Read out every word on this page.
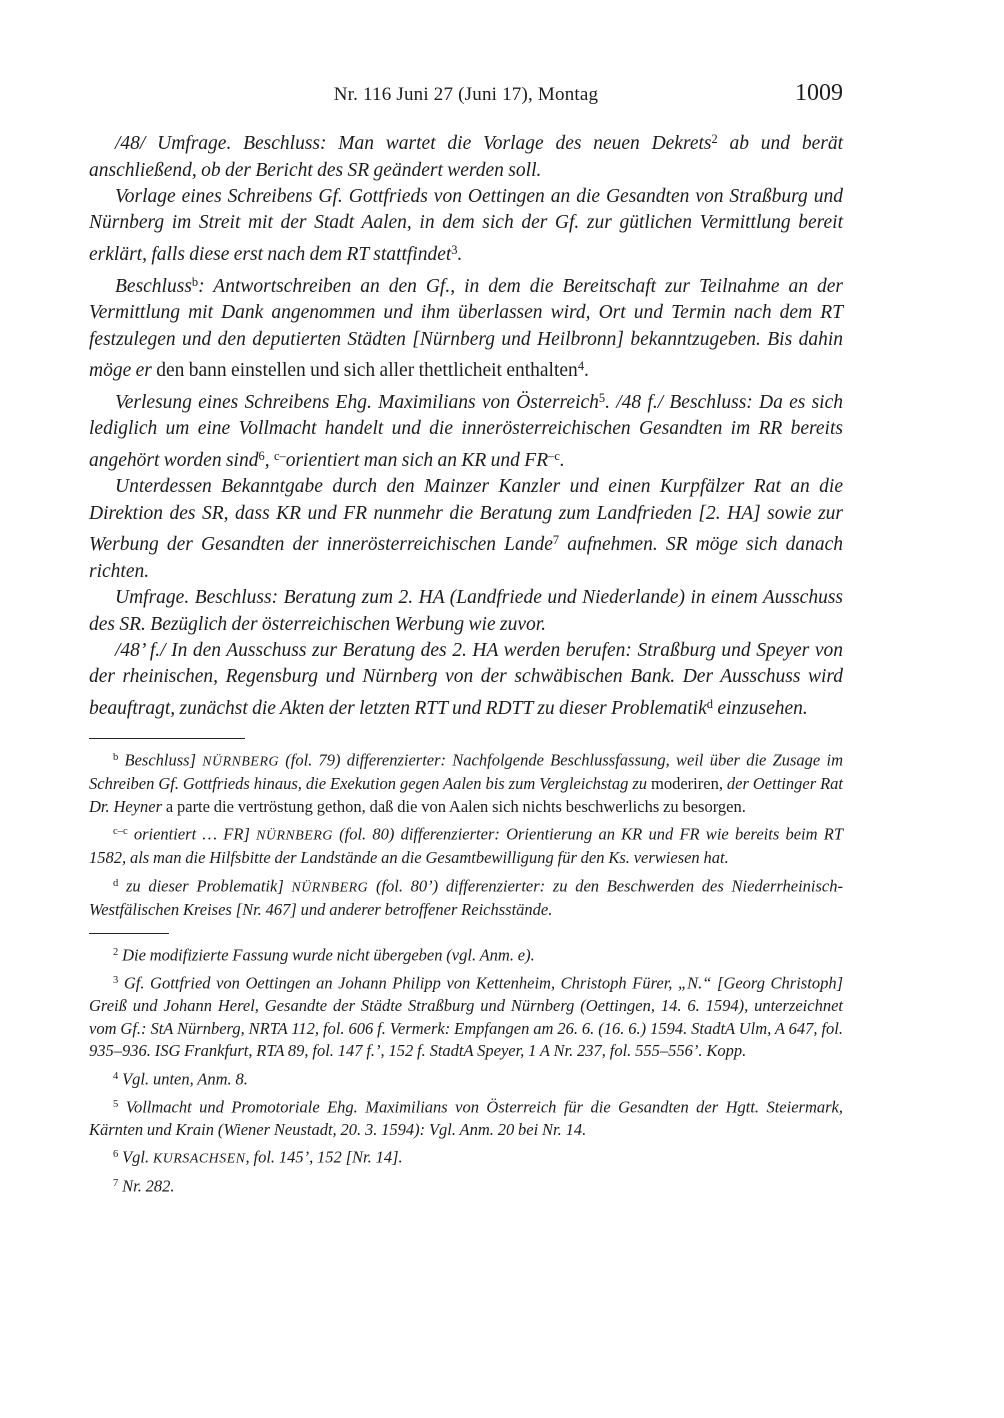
Nr. 116 Juni 27 (Juni 17), Montag	1009

/48/ Umfrage. Beschluss: Man wartet die Vorlage des neuen Dekrets$^2$ ab und berät anschließend, ob der Bericht des SR geändert werden soll.

Vorlage eines Schreibens Gf. Gottfrieds von Oettingen an die Gesandten von Straßburg und Nürnberg im Streit mit der Stadt Aalen, in dem sich der Gf. zur gütlichen Vermittlung bereit erklärt, falls diese erst nach dem RT stattfindet$^3$.

Beschluss$^b$: Antwortschreiben an den Gf., in dem die Bereitschaft zur Teilnahme an der Vermittlung mit Dank angenommen und ihm überlassen wird, Ort und Termin nach dem RT festzulegen und den deputierten Städten [Nürnberg und Heilbronn] bekanntzugeben. Bis dahin möge er den bann einstellen und sich aller thettlicheit enthalten$^4$.

Verlesung eines Schreibens Ehg. Maximilians von Österreich$^5$. /48 f./ Beschluss: Da es sich lediglich um eine Vollmacht handelt und die innerösterreichischen Gesandten im RR bereits angehört worden sind$^6$, $^{c-}$orientiert man sich an KR und $FR^{-c}$.

Unterdessen Bekanntgabe durch den Mainzer Kanzler und einen Kurpfälzer Rat an die Direktion des SR, dass KR und FR nunmehr die Beratung zum Landfrieden [2. HA] sowie zur Werbung der Gesandten der innerösterreichischen Lande$^7$ aufnehmen. SR möge sich danach richten.

Umfrage. Beschluss: Beratung zum 2. HA (Landfriede und Niederlande) in einem Ausschuss des SR. Bezüglich der österreichischen Werbung wie zuvor.

/48’ f./ In den Ausschuss zur Beratung des 2. HA werden berufen: Straßburg und Speyer von der rheinischen, Regensburg und Nürnberg von der schwäbischen Bank. Der Ausschuss wird beauftragt, zunächst die Akten der letzten RTT und RDTT zu dieser Problematik$^d$ einzusehen.

$^b$ Beschluss] NÜRNBERG (fol. 79) differenzierter: Nachfolgende Beschlussfassung, weil über die Zusage im Schreiben Gf. Gottfrieds hinaus, die Exekution gegen Aalen bis zum Vergleichstag zu moderiren, der Oettinger Rat Dr. Heyner a parte die vertröstung gethon, daß die von Aalen sich nichts beschwerlichs zu besorgen.

$^{c-c}$ orientiert … FR] NÜRNBERG (fol. 80) differenzierter: Orientierung an KR und FR wie bereits beim RT 1582, als man die Hilfsbitte der Landstände an die Gesamtbewilligung für den Ks. verwiesen hat.

$^d$ zu dieser Problematik] NÜRNBERG (fol. 80’) differenzierter: zu den Beschwerden des Niederrheinisch-Westfälischen Kreises [Nr. 467] und anderer betroffener Reichsstände.

$^2$ Die modifizierte Fassung wurde nicht übergeben (vgl. Anm. e).

$^3$ Gf. Gottfried von Oettingen an Johann Philipp von Kettenheim, Christoph Fürer, „N.“ [Georg Christoph] Greiß und Johann Herel, Gesandte der Städte Straßburg und Nürnberg (Oettingen, 14. 6. 1594), unterzeichnet vom Gf.: StA Nürnberg, NRTA 112, fol. 606 f. Vermerk: Empfangen am 26. 6. (16. 6.) 1594. StadtA Ulm, A 647, fol. 935–936. ISG Frankfurt, RTA 89, fol. 147 f.’, 152 f. StadtA Speyer, 1 A Nr. 237, fol. 555–556’. Kopp.

$^4$ Vgl. unten, Anm. 8.

$^5$ Vollmacht und Promotoriale Ehg. Maximilians von Österreich für die Gesandten der Hgtt. Steiermark, Kärnten und Krain (Wiener Neustadt, 20. 3. 1594): Vgl. Anm. 20 bei Nr. 14.

$^6$ Vgl. KURSACHSEN, fol. 145’, 152 [Nr. 14].

$^7$ Nr. 282.
